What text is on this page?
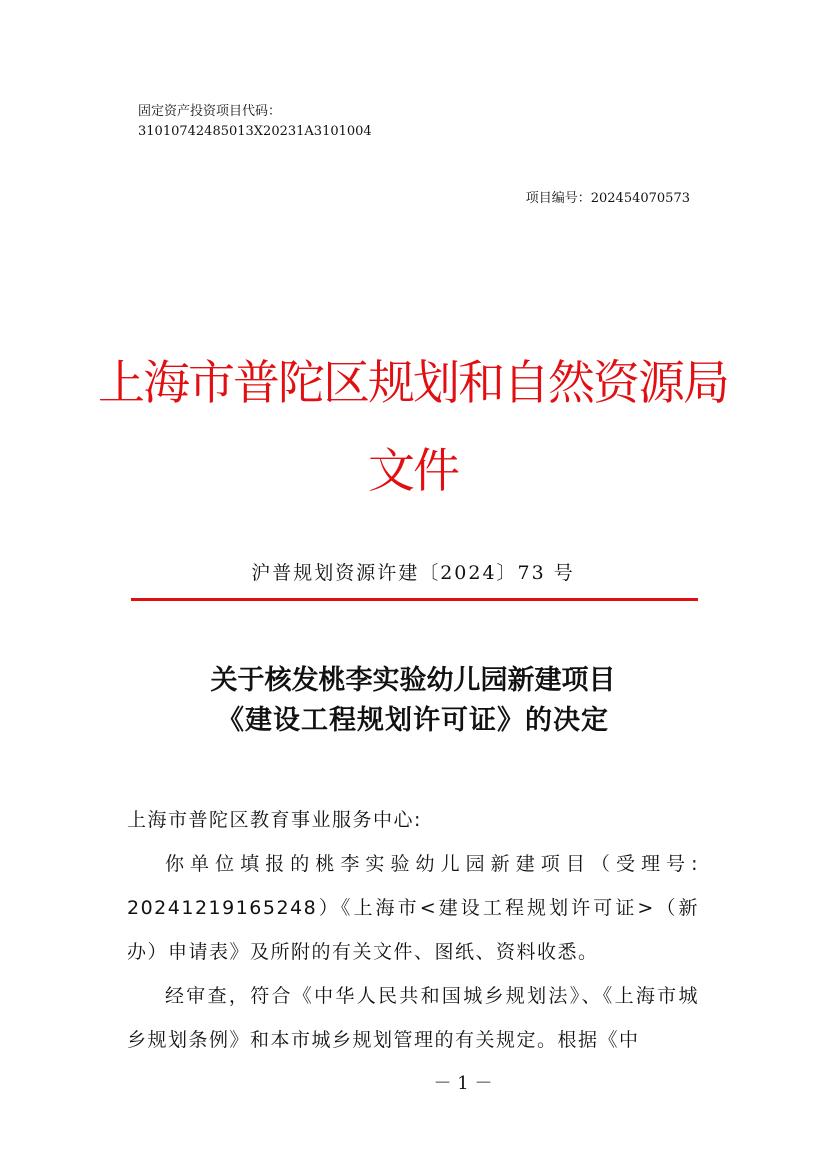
固定资产投资项目代码：
31010742485013X20231A3101004
项目编号：202454070573
上海市普陀区规划和自然资源局
文件
沪普规划资源许建〔2024〕73 号
关于核发桃李实验幼儿园新建项目
《建设工程规划许可证》的决定

上海市普陀区教育事业服务中心:

你单位填报的桃李实验幼儿园新建项目（受理号: 20241219165248）《上海市<建设工程规划许可证>（新办）申请表》及所附的有关文件、图纸、资料收悉。

经审查，符合《中华人民共和国城乡规划法》、《上海市城乡规划条例》和本市城乡规划管理的有关规定。根据《中

－ 1 －
